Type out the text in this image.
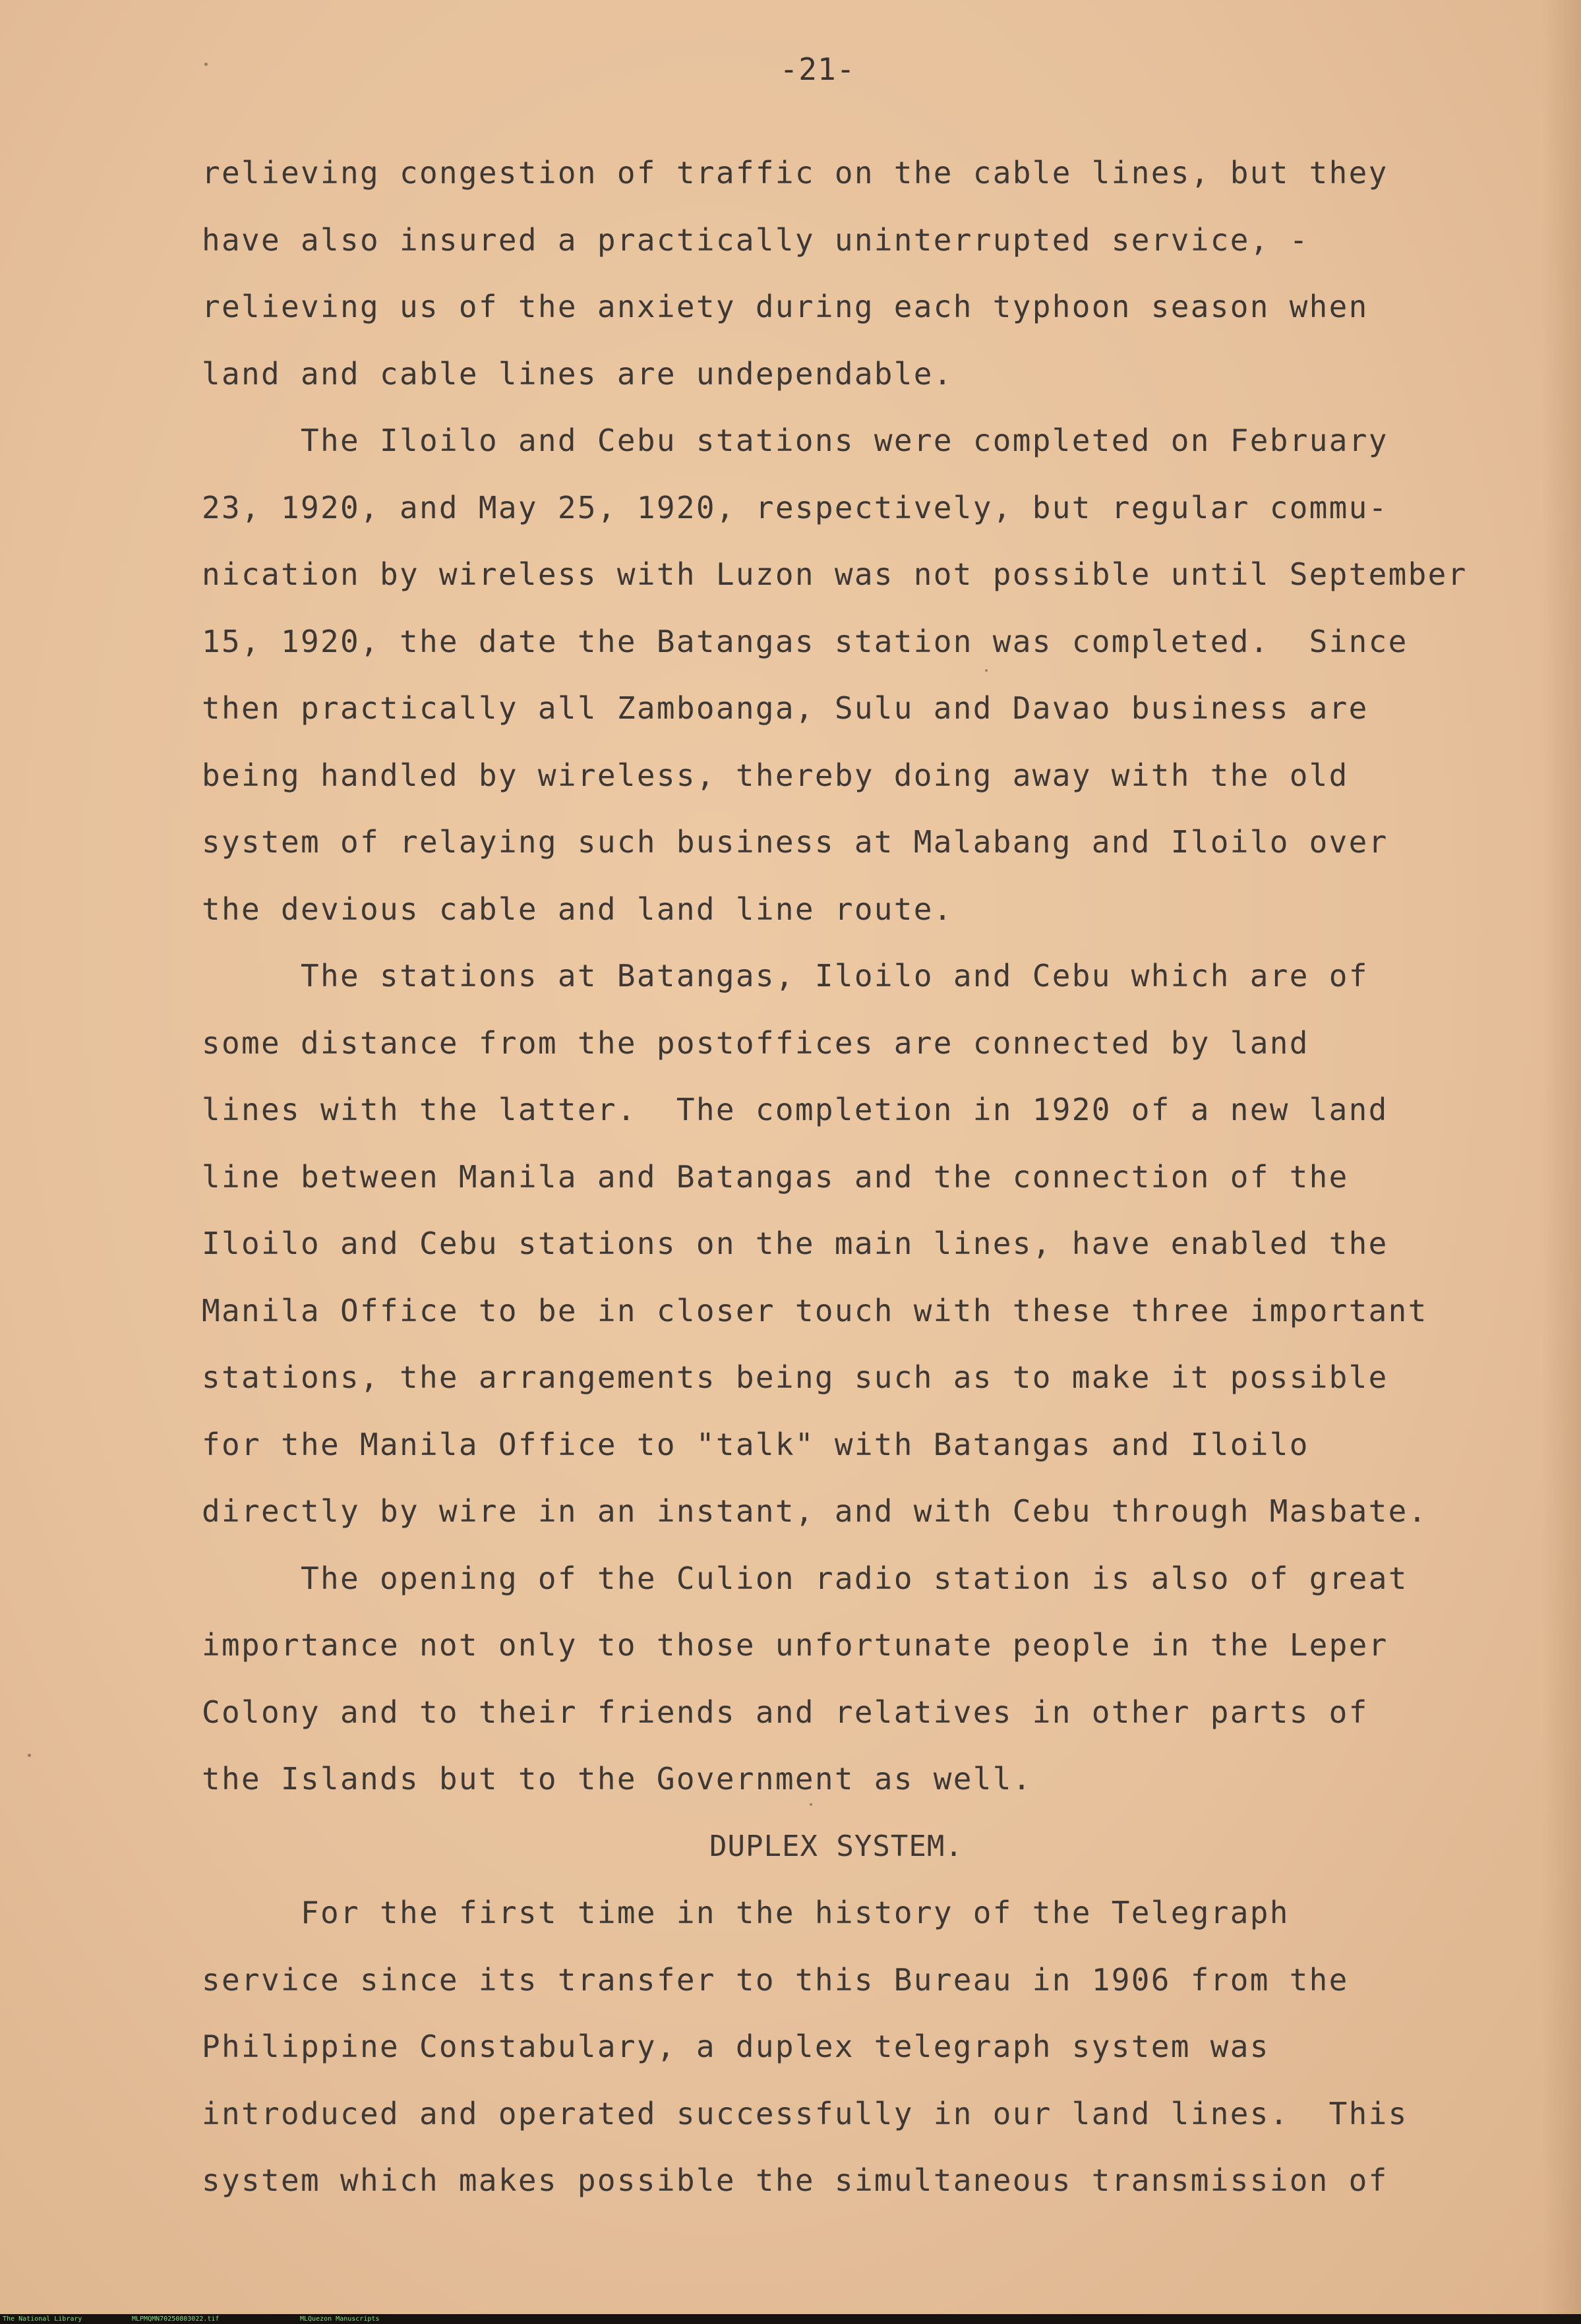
-21-
relieving congestion of traffic on the cable lines, but they
have also insured a practically uninterrupted service, -
relieving us of the anxiety during each typhoon season when
land and cable lines are undependable.
The Iloilo and Cebu stations were completed on February
23, 1920, and May 25, 1920, respectively, but regular commu-
nication by wireless with Luzon was not possible until September
15, 1920, the date the Batangas station was completed.  Since
then practically all Zamboanga, Sulu and Davao business are
being handled by wireless, thereby doing away with the old
system of relaying such business at Malabang and Iloilo over
the devious cable and land line route.
The stations at Batangas, Iloilo and Cebu which are of
some distance from the postoffices are connected by land
lines with the latter.  The completion in 1920 of a new land
line between Manila and Batangas and the connection of the
Iloilo and Cebu stations on the main lines, have enabled the
Manila Office to be in closer touch with these three important
stations, the arrangements being such as to make it possible
for the Manila Office to "talk" with Batangas and Iloilo
directly by wire in an instant, and with Cebu through Masbate.
The opening of the Culion radio station is also of great
importance not only to those unfortunate people in the Leper
Colony and to their friends and relatives in other parts of
the Islands but to the Government as well.
DUPLEX SYSTEM.
For the first time in the history of the Telegraph
service since its transfer to this Bureau in 1906 from the
Philippine Constabulary, a duplex telegraph system was
introduced and operated successfully in our land lines.  This
system which makes possible the simultaneous transmission of
The National Library	MLPMQMN70250803022.tif	MLQuezon Manuscripts
